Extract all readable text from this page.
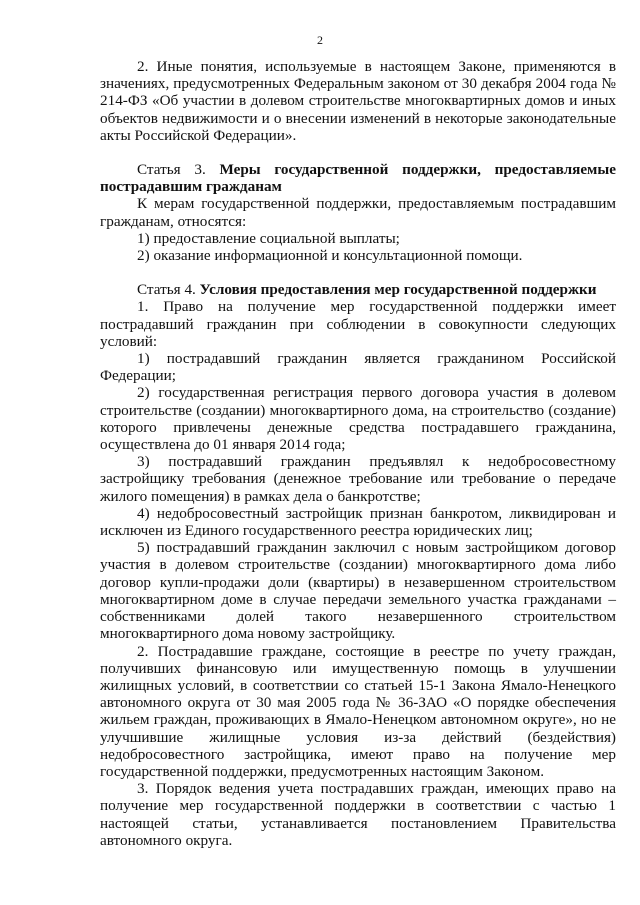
2

2. Иные понятия, используемые в настоящем Законе, применяются в значениях, предусмотренных Федеральным законом от 30 декабря 2004 года № 214-ФЗ «Об участии в долевом строительстве многоквартирных домов и иных объектов недвижимости и о внесении изменений в некоторые законодательные акты Российской Федерации».

Статья 3. Меры государственной поддержки, предоставляемые пострадавшим гражданам

К мерам государственной поддержки, предоставляемым пострадавшим гражданам, относятся:

1) предоставление социальной выплаты;

2) оказание информационной и консультационной помощи.

Статья 4. Условия предоставления мер государственной поддержки

1. Право на получение мер государственной поддержки имеет пострадавший гражданин при соблюдении в совокупности следующих условий:

1) пострадавший гражданин является гражданином Российской Федерации;

2) государственная регистрация первого договора участия в долевом строительстве (создании) многоквартирного дома, на строительство (создание) которого привлечены денежные средства пострадавшего гражданина, осуществлена до 01 января 2014 года;

3) пострадавший гражданин предъявлял к недобросовестному застройщику требования (денежное требование или требование о передаче жилого помещения) в рамках дела о банкротстве;

4) недобросовестный застройщик признан банкротом, ликвидирован и исключен из Единого государственного реестра юридических лиц;

5) пострадавший гражданин заключил с новым застройщиком договор участия в долевом строительстве (создании) многоквартирного дома либо договор купли-продажи доли (квартиры) в незавершенном строительством многоквартирном доме в случае передачи земельного участка гражданами – собственниками долей такого незавершенного строительством многоквартирного дома новому застройщику.

2. Пострадавшие граждане, состоящие в реестре по учету граждан, получивших финансовую или имущественную помощь в улучшении жилищных условий, в соответствии со статьей 15-1 Закона Ямало-Ненецкого автономного округа от 30 мая 2005 года № 36-ЗАО «О порядке обеспечения жильем граждан, проживающих в Ямало-Ненецком автономном округе», но не улучшившие жилищные условия из-за действий (бездействия) недобросовестного застройщика, имеют право на получение мер государственной поддержки, предусмотренных настоящим Законом.

3. Порядок ведения учета пострадавших граждан, имеющих право на получение мер государственной поддержки в соответствии с частью 1 настоящей статьи, устанавливается постановлением Правительства автономного округа.
